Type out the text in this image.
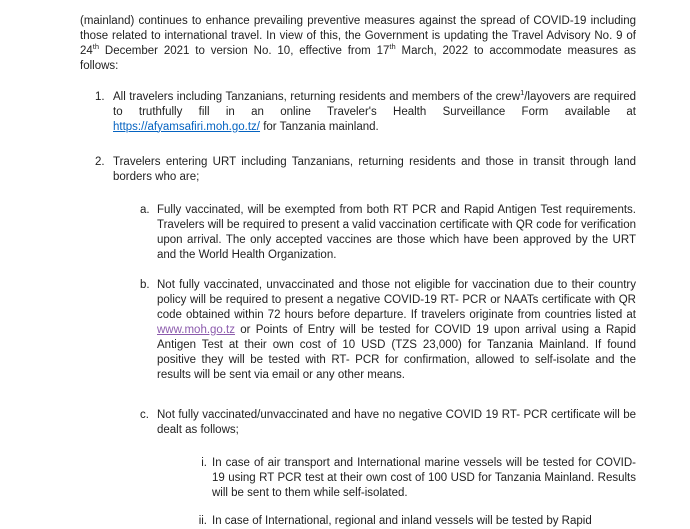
(mainland) continues to enhance prevailing preventive measures against the spread of COVID-19 including those related to international travel. In view of this, the Government is updating the Travel Advisory No. 9 of 24th December 2021 to version No. 10, effective from 17th March, 2022 to accommodate measures as follows:

1. All travelers including Tanzanians, returning residents and members of the crew$^1$/layovers are required to truthfully fill in an online Traveler's Health Surveillance Form available at https://afyamsafiri.moh.go.tz/ for Tanzania mainland.
2. Travelers entering URT including Tanzanians, returning residents and those in transit through land borders who are;
a. Fully vaccinated, will be exempted from both RT PCR and Rapid Antigen Test requirements. Travelers will be required to present a valid vaccination certificate with QR code for verification upon arrival. The only accepted vaccines are those which have been approved by the URT and the World Health Organization.
b. Not fully vaccinated, unvaccinated and those not eligible for vaccination due to their country policy will be required to present a negative COVID-19 RT- PCR or NAATs certificate with QR code obtained within 72 hours before departure. If travelers originate from countries listed at www.moh.go.tz or Points of Entry will be tested for COVID 19 upon arrival using a Rapid Antigen Test at their own cost of 10 USD (TZS 23,000) for Tanzania Mainland. If found positive they will be tested with RT- PCR for confirmation, allowed to self-isolate and the results will be sent via email or any other means.
c. Not fully vaccinated/unvaccinated and have no negative COVID 19 RT- PCR certificate will be dealt as follows;
i. In case of air transport and International marine vessels will be tested for COVID-19 using RT PCR test at their own cost of 100 USD for Tanzania Mainland. Results will be sent to them while self-isolated.
ii. In case of International, regional and inland vessels will be tested by Rapid
